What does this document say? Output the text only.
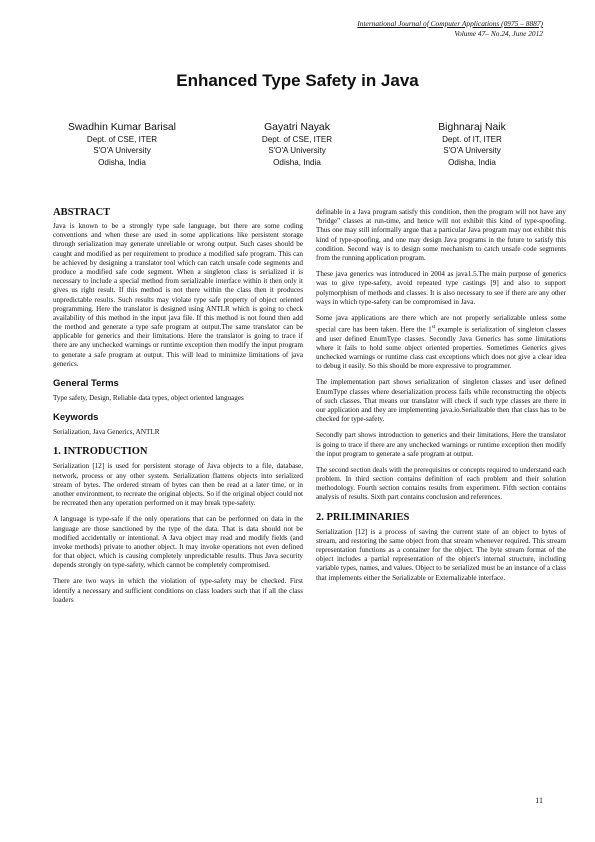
International Journal of Computer Applications (0975 – 8887)
Volume 47– No.24, June 2012
Enhanced Type Safety in Java
Swadhin Kumar Barisal
Dept. of CSE, ITER
S'O'A University
Odisha, India
Gayatri Nayak
Dept. of CSE, ITER
S'O'A University
Odisha, India
Bighnaraj Naik
Dept. of IT, ITER
S'O'A University
Odisha, India
ABSTRACT

Java is known to be a strongly type safe language, but there are some coding conventions and when these are used in some applications like persistent storage through serialization may generate unreliable or wrong output. Such cases should be caught and modified as per requirement to produce a modified safe program. This can be achieved by designing a translator tool which can catch unsafe code segments and produce a modified safe code segment. When a singleton class is serialized it is necessary to include a special method from serializable interface within it then only it gives us right result. If this method is not there within the class then it produces unpredictable results. Such results may violate type safe property of object oriented programming. Here the translator is designed using ANTLR which is going to check availability of this method in the input java file. If this method is not found then add the method and generate a type safe program at output.The same translator can be applicable for generics and their limitations. Here the translator is going to trace if there are any unchecked warnings or runtime exception then modify the input program to generate a safe program at output. This will lead to minimize limitations of java generics.

General Terms

Type safety, Design, Reliable data types, object oriented languages

Keywords

Serialization, Java Generics, ANTLR

1. INTRODUCTION

Serialization [12] is used for persistent storage of Java objects to a file, database, network, process or any other system. Serialization flattens objects into serialized stream of bytes. The ordered stream of bytes can then be read at a later time, or in another environment, to recreate the original objects. So if the original object could not be recreated then any operation performed on it may break type-safety.

A language is type-safe if the only operations that can be performed on data in the language are those sanctioned by the type of the data. That is data should not be modified accidentally or intentional. A Java object may read and modify fields (and invoke methods) private to another object. It may invoke operations not even defined for that object, which is causing completely unpredictable results. Thus Java security depends strongly on type-safety, which cannot be completely compromised.

There are two ways in which the violation of type-safety may be checked. First identify a necessary and sufficient conditions on class loaders such that if all the class loaders

definable in a Java program satisfy this condition, then the program will not have any "bridge" classes at run-time, and hence will not exhibit this kind of type-spoofing. Thus one may still informally argue that a particular Java program may not exhibit this kind of type-spoofing, and one may design Java programs in the future to satisfy this condition. Second way is to design some mechanism to catch unsafe code segments from the running application program.

These java generics was introduced in 2004 as java1.5.The main purpose of generics was to give type-safety, avoid repeated type castings [9] and also to support polymorphism of methods and classes. It is also necessary to see if there are any other ways in which type-safety can be compromised in Java.

Some java applications are there which are not properly serializable unless some special care has been taken. Here the 1st example is serialization of singleton classes and user defined EnumType classes. Secondly Java Generics has some limitations where it fails to hold some object oriented properties. Sometimes Generics gives unchecked warnings or runtime class cast exceptions which does not give a clear idea to debug it easily. So this should be more expressive to programmer.

The implementation part shows serialization of singleton classes and user defined EnumType classes where deserialization process fails while reconstructing the objects of such classes. That means our translator will check if such type classes are there in our application and they are implementing java.io.Serializable then that class has to be checked for type-safety.

Secondly part shows introduction to generics and their limitations. Here the translator is going to trace if there are any unchecked warnings or runtime exception then modify the input program to generate a safe program at output.

The second section deals with the prerequisites or concepts required to understand each problem. In third section contains definition of each problem and their solution methodology. Fourth section contains results from experiment. Fifth section contains analysis of results. Sixth part contains conclusion and references.

2. PRILIMINARIES

Serialization [12] is a process of saving the current state of an object to bytes of stream, and restoring the same object from that stream whenever required. This stream representation functions as a container for the object. The byte stream format of the object includes a partial representation of the object's internal structure, including variable types, names, and values. Object to be serialized must be an instance of a class that implements either the Serializable or Externalizable interface.

11
